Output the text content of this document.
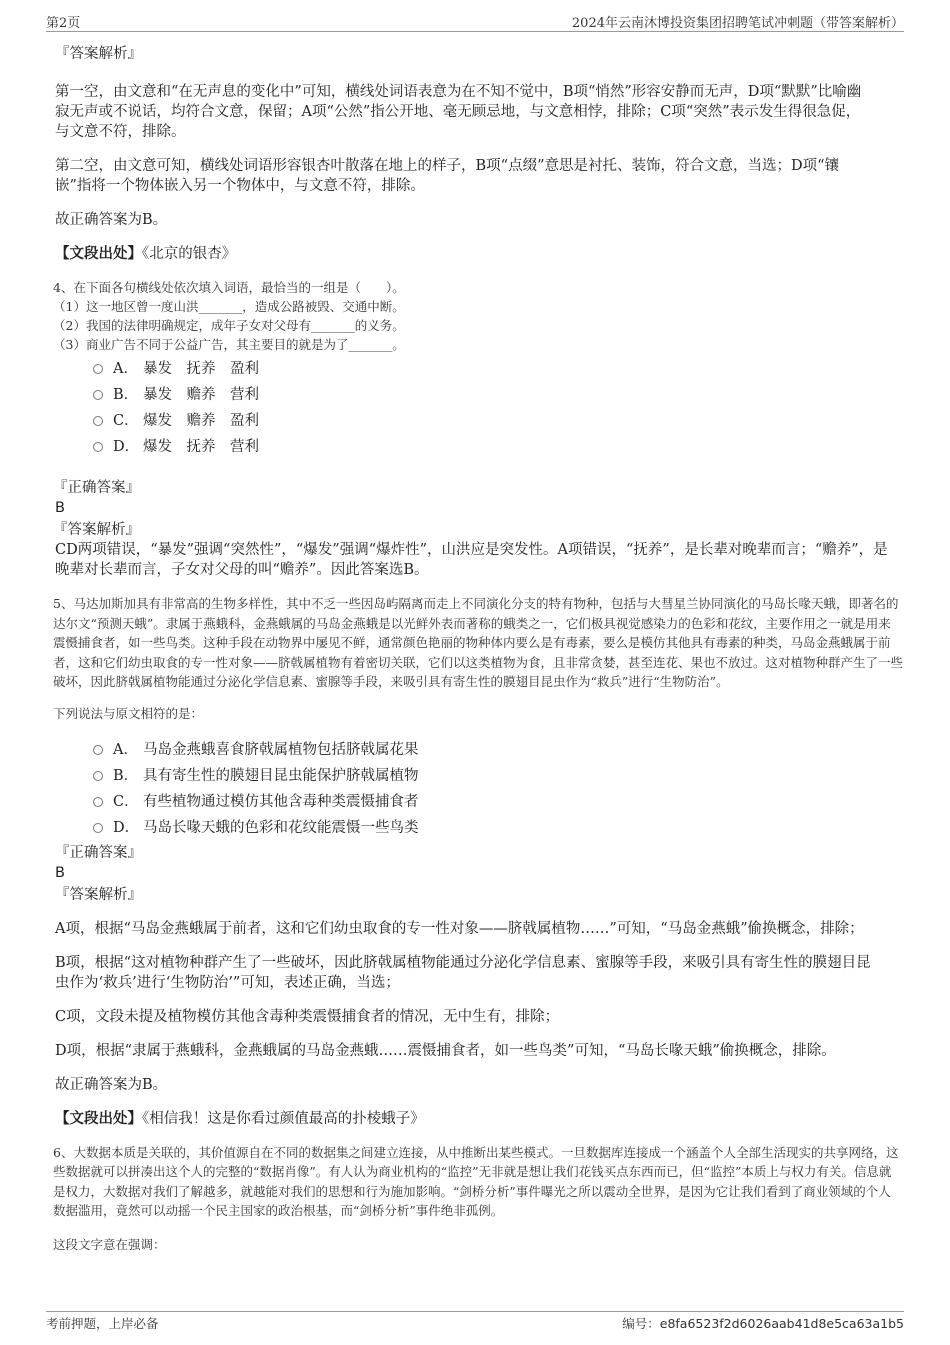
第2页	2024年云南沐博投资集团招聘笔试冲刺题（带答案解析）

『答案解析』

第一空，由文意和“在无声息的变化中”可知，横线处词语表意为在不知不觉中，B项“悄然”形容安静而无声，D项“默默”比喻幽寂无声或不说话，均符合文意，保留；A项“公然”指公开地、毫无顾忌地，与文意相悖，排除；C项“突然”表示发生得很急促，与文意不符，排除。

第二空，由文意可知，横线处词语形容银杏叶散落在地上的样子，B项“点缀”意思是衬托、装饰，符合文意，当选；D项“镶嵌”指将一个物体嵌入另一个物体中，与文意不符，排除。

故正确答案为B。

【文段出处】《北京的银杏》

4、在下面各句横线处依次填入词语，最恰当的一组是（　　）。

（1）这一地区曾一度山洪_______，造成公路被毁、交通中断。

（2）我国的法律明确规定，成年子女对父母有_______的义务。

（3）商业广告不同于公益广告，其主要目的就是为了_______。

A． 暴发　抚养　盈利
B． 暴发　赡养　营利
C． 爆发　赡养　盈利
D． 爆发　抚养　营利

『正确答案』

B

『答案解析』

CD两项错误，“暴发”强调“突然性”，“爆发”强调“爆炸性”，山洪应是突发性。A项错误，“抚养”，是长辈对晚辈而言；“赡养”，是晚辈对长辈而言，子女对父母的叫“赡养”。因此答案选B。

5、马达加斯加具有非常高的生物多样性，其中不乏一些因岛屿隔离而走上不同演化分支的特有物种，包括与大彗星兰协同演化的马岛长喙天蛾，即著名的达尔文“预测天蛾”。隶属于燕蛾科，金燕蛾属的马岛金燕蛾是以光鲜外表而著称的蛾类之一，它们极具视觉感染力的色彩和花纹，主要作用之一就是用来震慑捕食者，如一些鸟类。这种手段在动物界中屡见不鲜，通常颜色艳丽的物种体内要么是有毒素，要么是模仿其他具有毒素的种类，马岛金燕蛾属于前者，这和它们幼虫取食的专一性对象——脐戟属植物有着密切关联，它们以这类植物为食，且非常贪婪，甚至连花、果也不放过。这对植物种群产生了一些破坏，因此脐戟属植物能通过分泌化学信息素、蜜腺等手段，来吸引具有寄生性的膜翅目昆虫作为“救兵”进行“生物防治”。

下列说法与原文相符的是：

A． 马岛金燕蛾喜食脐戟属植物包括脐戟属花果
B． 具有寄生性的膜翅目昆虫能保护脐戟属植物
C． 有些植物通过模仿其他含毒种类震慑捕食者
D． 马岛长喙天蛾的色彩和花纹能震慑一些鸟类

『正确答案』

B

『答案解析』

A项，根据“马岛金燕蛾属于前者，这和它们幼虫取食的专一性对象——脐戟属植物……”可知，“马岛金燕蛾”偷换概念，排除；

B项，根据“这对植物种群产生了一些破坏，因此脐戟属植物能通过分泌化学信息素、蜜腺等手段，来吸引具有寄生性的膜翅目昆虫作为‘救兵’进行‘生物防治’”可知，表述正确，当选；

C项，文段未提及植物模仿其他含毒种类震慑捕食者的情况，无中生有，排除；

D项，根据“隶属于燕蛾科，金燕蛾属的马岛金燕蛾……震慑捕食者，如一些鸟类”可知，“马岛长喙天蛾”偷换概念，排除。

故正确答案为B。

【文段出处】《相信我！这是你看过颜值最高的扑棱蛾子》

6、大数据本质是关联的，其价值源自在不同的数据集之间建立连接，从中推断出某些模式。一旦数据库连接成一个涵盖个人全部生活现实的共享网络，这些数据就可以拼凑出这个人的完整的“数据肖像”。有人认为商业机构的“监控”无非就是想让我们花钱买点东西而已，但“监控”本质上与权力有关。信息就是权力，大数据对我们了解越多，就越能对我们的思想和行为施加影响。“剑桥分析”事件曝光之所以震动全世界，是因为它让我们看到了商业领域的个人数据滥用，竟然可以动摇一个民主国家的政治根基，而“剑桥分析”事件绝非孤例。

这段文字意在强调：

考前押题，上岸必备	编号：e8fa6523f2d6026aab41d8e5ca63a1b5
